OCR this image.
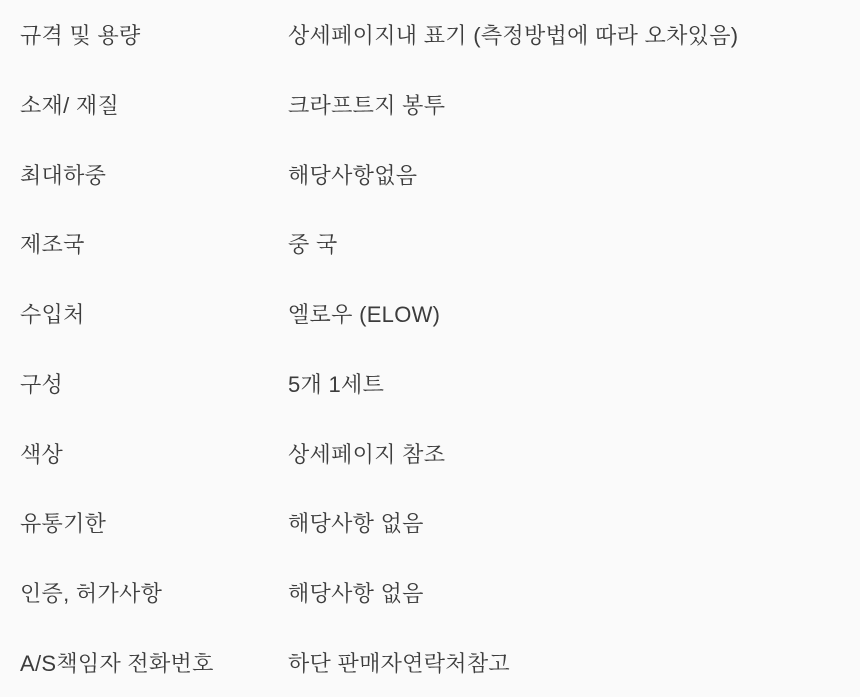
규격 및 용량	상세페이지내 표기 (측정방법에 따라 오차있음)
소재/ 재질	크라프트지 봉투
최대하중	해당사항없음
제조국	중 국
수입처	엘로우 (ELOW)
구성	5개 1세트
색상	상세페이지 참조
유통기한	해당사항 없음
인증, 허가사항	해당사항 없음
A/S책임자 전화번호	하단 판매자연락처참고
